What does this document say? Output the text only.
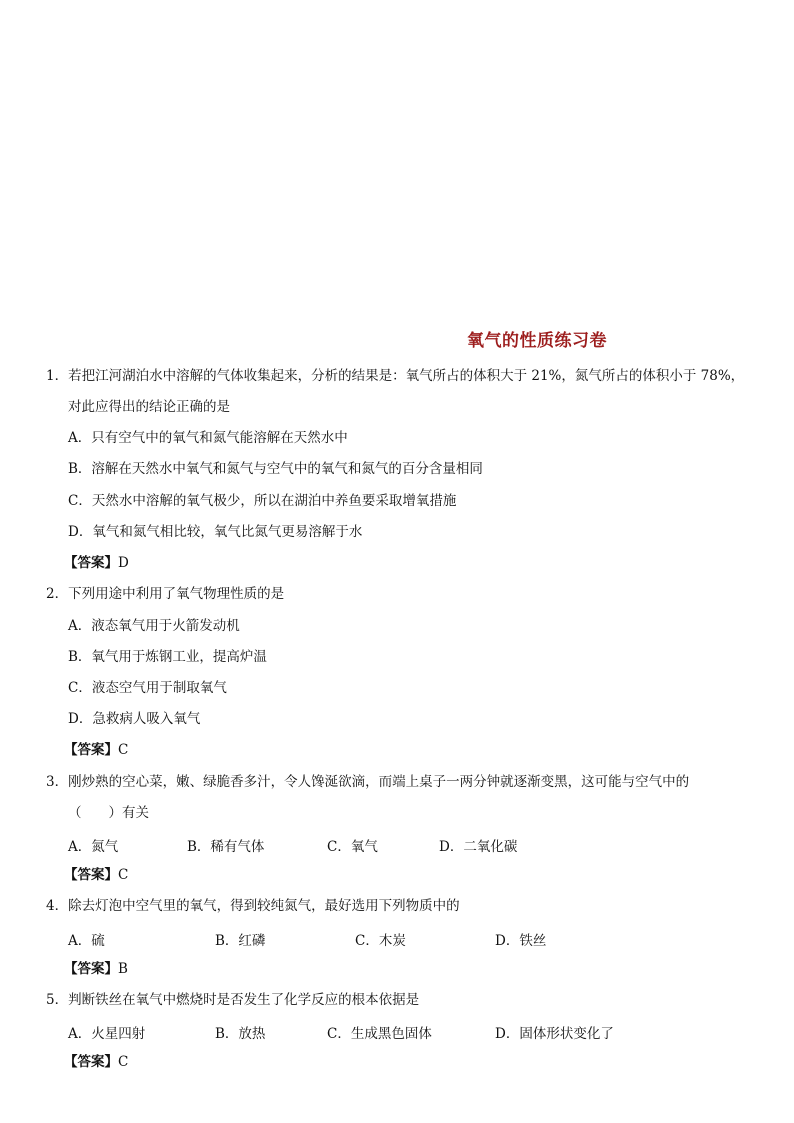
氧气的性质练习卷
1．若把江河湖泊水中溶解的气体收集起来，分析的结果是：氧气所占的体积大于 21%，氮气所占的体积小于 78%，
对此应得出的结论正确的是
A．只有空气中的氧气和氮气能溶解在天然水中
B．溶解在天然水中氧气和氮气与空气中的氧气和氮气的百分含量相同
C．天然水中溶解的氧气极少，所以在湖泊中养鱼要采取增氧措施
D．氧气和氮气相比较，氧气比氮气更易溶解于水
【答案】D
2．下列用途中利用了氧气物理性质的是
A．液态氧气用于火箭发动机
B．氧气用于炼钢工业，提高炉温
C．液态空气用于制取氧气
D．急救病人吸入氧气
【答案】C
3．刚炒熟的空心菜，嫩、绿脆香多汁，令人馋涎欲滴，而端上桌子一两分钟就逐渐变黑，这可能与空气中的
（　　）有关
A．氮气	B．稀有气体	C．氧气	D．二氧化碳
【答案】C
4．除去灯泡中空气里的氧气，得到较纯氮气，最好选用下列物质中的
A．硫	B．红磷	C．木炭	D．铁丝
【答案】B
5．判断铁丝在氧气中燃烧时是否发生了化学反应的根本依据是
A．火星四射	B．放热	C．生成黑色固体	D．固体形状变化了
【答案】C
